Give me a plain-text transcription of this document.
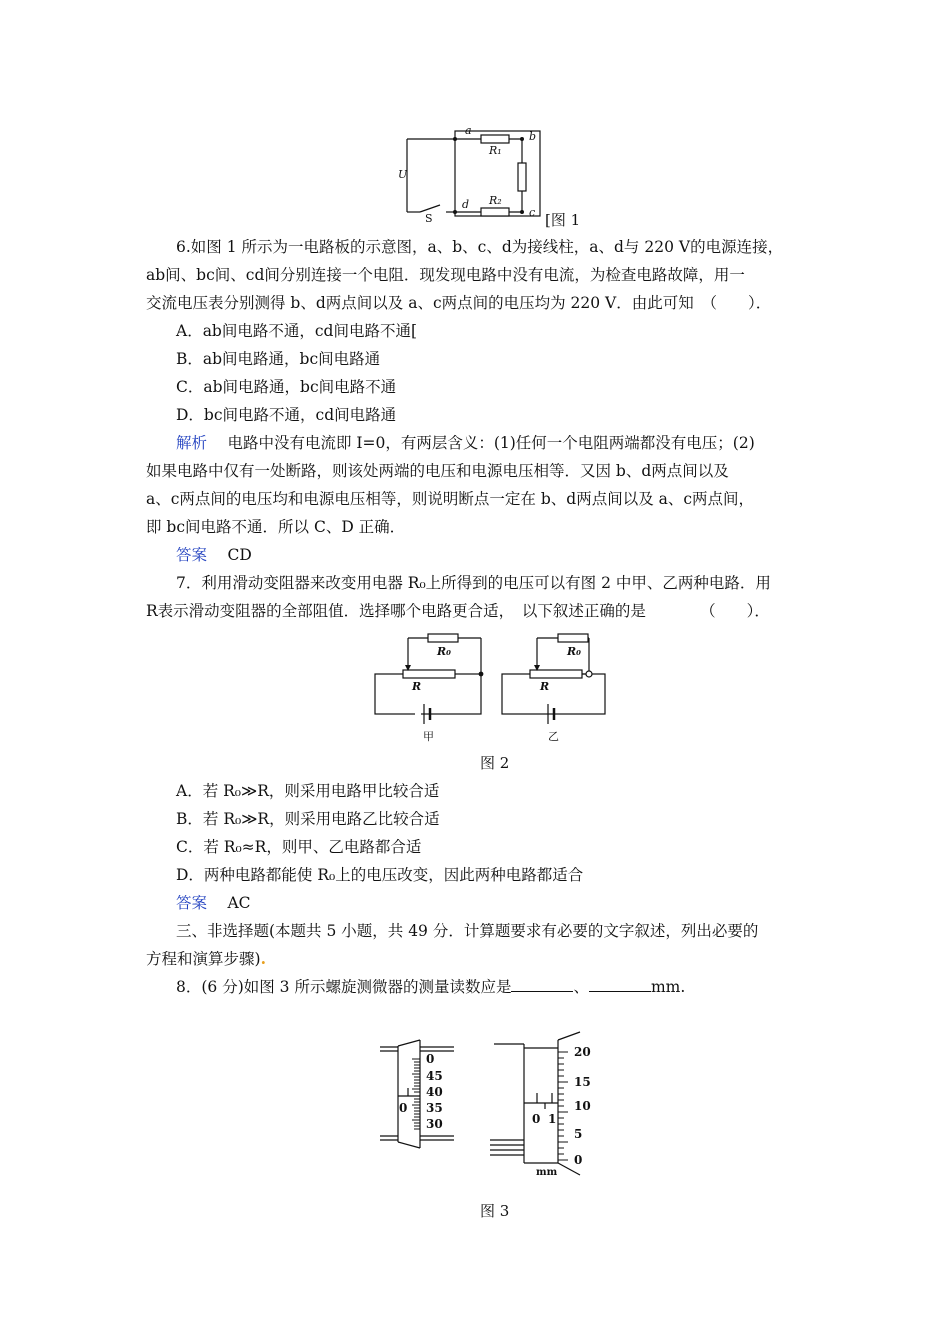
a	b
c
d
R₁
R₂
U
S	[图 1
6.如图 1 所示为一电路板的示意图，a、b、c、d为接线柱，a、d与 220 V的电源连接，
ab间、bc间、cd间分别连接一个电阻．现发现电路中没有电流，为检查电路故障，用一
交流电压表分别测得 b、d两点间以及 a、c两点间的电压均为 220 V．由此可知　（　　）．
A．ab间电路不通，cd间电路不通[
B．ab间电路通，bc间电路通
C．ab间电路通，bc间电路不通
D．bc间电路不通，cd间电路通
解析　 电路中没有电流即 I=0，有两层含义：(1)任何一个电阻两端都没有电压；(2)
如果电路中仅有一处断路，则该处两端的电压和电源电压相等．又因 b、d两点间以及
a、c两点间的电压均和电源电压相等，则说明断点一定在 b、d两点间以及 a、c两点间，
即 bc间电路不通．所以 C、D 正确．
答案　 CD
7．利用滑动变阻器来改变用电器 R₀上所得到的电压可以有图 2 中甲、乙两种电路．用
R表示滑动变阻器的全部阻值．选择哪个电路更合适，　以下叙述正确的是　　　　（　　）．
R₀
R
R₀
R
甲	乙
图 2
A．若 R₀≫R，则采用电路甲比较合适
B．若 R₀≫R，则采用电路乙比较合适
C．若 R₀≈R，则甲、乙电路都合适
D．两种电路都能使 R₀上的电压改变，因此两种电路都适合
答案　 AC
三、非选择题(本题共 5 小题，共 49 分．计算题要求有必要的文字叙述，列出必要的
方程和演算步骤).
8．(6 分)如图 3 所示螺旋测微器的测量读数应是	、	mm.
0
45
40
35
30
0
20
15
10
5
0
0 1
mm
图 3
